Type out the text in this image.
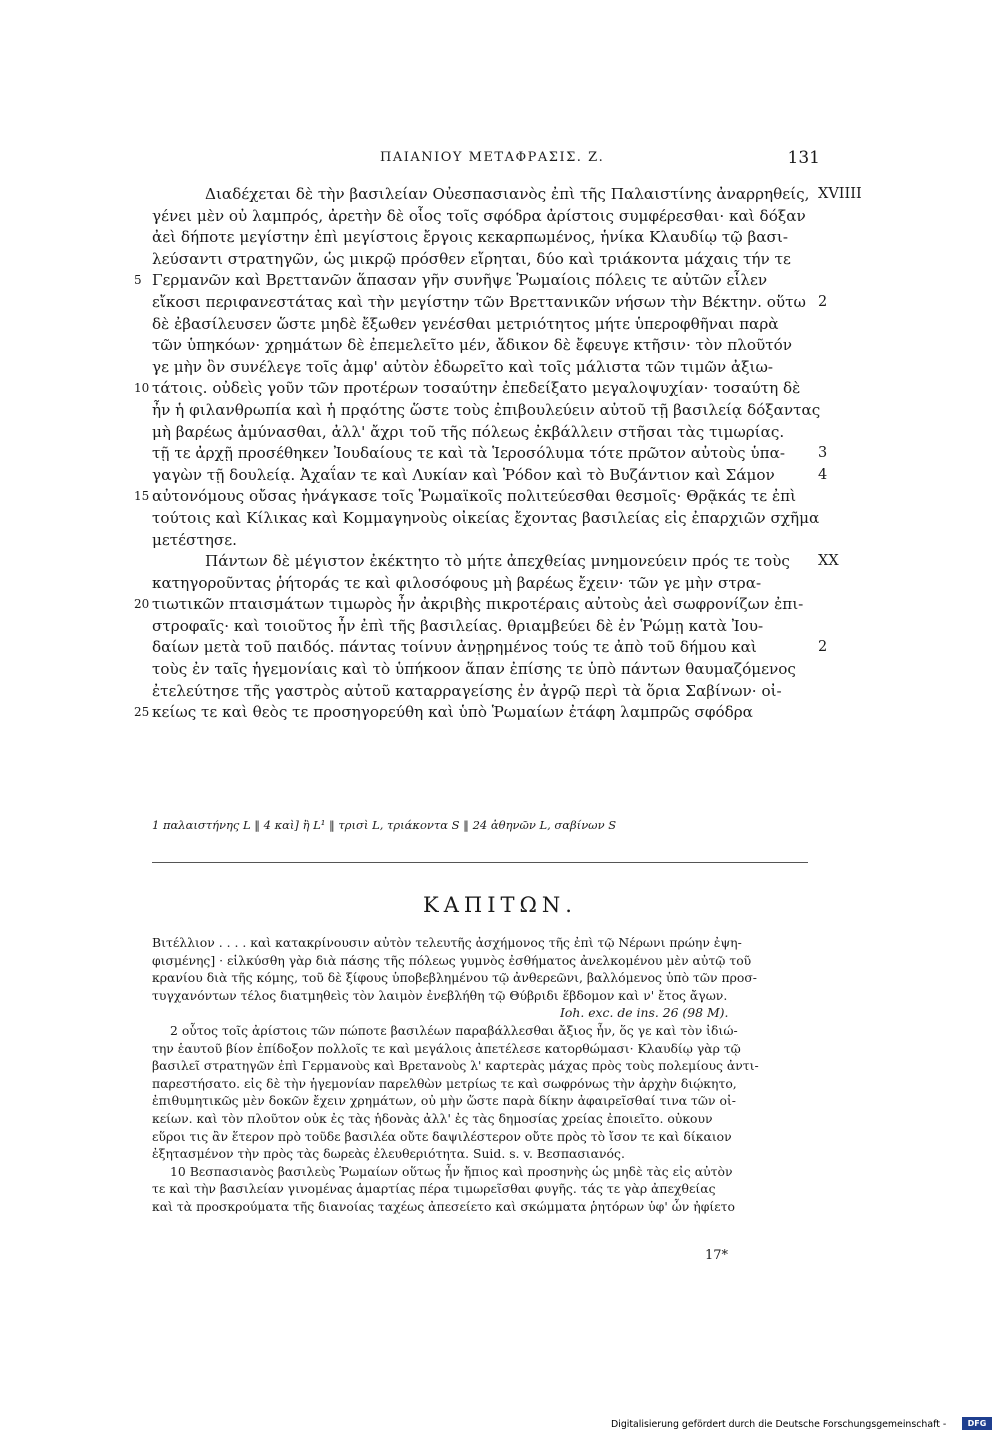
ΠΑΙΑΝΙΟΥ ΜΕΤΑΦΡΑΣΙΣ. Ζ.	131
Διαδέχεται δὲ τὴν βασιλείαν Οὐεσπασιανὸς ἐπὶ τῆς Παλαιστίνης ἀναρρηθείς, XVIIII
γένει μὲν οὐ λαμπρός, ἀρετὴν δὲ οἷος τοῖς σφόδρα ἀρίστοις συμφέρεσθαι· καὶ δόξαν
ἀεὶ δήποτε μεγίστην ἐπὶ μεγίστοις ἔργοις κεκαρπωμένος, ἡνίκα Κλαυδίῳ τῷ βασι-
λεύσαντι στρατηγῶν, ὡς μικρῷ πρόσθεν εἴρηται, δύο καὶ τριάκοντα μάχαις τήν τε
5 Γερμανῶν καὶ Βρεττανῶν ἅπασαν γῆν συνῆψε Ῥωμαίοις πόλεις τε αὐτῶν εἷλεν
εἴκοσι περιφανεστάτας καὶ τὴν μεγίστην τῶν Βρεττανικῶν νήσων τὴν Βέκτην. οὕτω 2
δὲ ἐβασίλευσεν ὥστε μηδὲ ἔξωθεν γενέσθαι μετριότητος μήτε ὑπεροφθῆναι παρὰ
τῶν ὑπηκόων· χρημάτων δὲ ἐπεμελεῖτο μέν, ἄδικον δὲ ἔφευγε κτῆσιν· τὸν πλοῦτόν
γε μὴν ὃν συνέλεγε τοῖς ἀμφ' αὐτὸν ἐδωρεῖτο καὶ τοῖς μάλιστα τῶν τιμῶν ἀξιω-
10 τάτοις. οὐδεὶς γοῦν τῶν προτέρων τοσαύτην ἐπεδείξατο μεγαλοψυχίαν· τοσαύτη δὲ
ἦν ἡ φιλανθρωπία καὶ ἡ πρᾳότης ὥστε τοὺς ἐπιβουλεύειν αὐτοῦ τῇ βασιλείᾳ δόξαντας
μὴ βαρέως ἀμύνασθαι, ἀλλ' ἄχρι τοῦ τῆς πόλεως ἐκβάλλειν στῆσαι τὰς τιμωρίας.
τῇ τε ἀρχῇ προσέθηκεν Ἰουδαίους τε καὶ τὰ Ἱεροσόλυμα τότε πρῶτον αὐτοὺς ὑπα-	3
γαγὼν τῇ δουλείᾳ. Ἀχαΐαν τε καὶ Λυκίαν καὶ Ῥόδον καὶ τὸ Βυζάντιον καὶ Σάμον	4
15 αὐτονόμους οὔσας ἠνάγκασε τοῖς Ῥωμαϊκοῖς πολιτεύεσθαι θεσμοῖς· Θρᾷκάς τε ἐπὶ
τούτοις καὶ Κίλικας καὶ Κομμαγηνοὺς οἰκείας ἔχοντας βασιλείας εἰς ἐπαρχιῶν σχῆμα
μετέστησε.
Πάντων δὲ μέγιστον ἐκέκτητο τὸ μήτε ἀπεχθείας μνημονεύειν πρός τε τοὺς	XX
κατηγοροῦντας ῥήτοράς τε καὶ φιλοσόφους μὴ βαρέως ἔχειν· τῶν γε μὴν στρα-
20 τιωτικῶν πταισμάτων τιμωρὸς ἦν ἀκριβὴς πικροτέραις αὐτοὺς ἀεὶ σωφρονίζων ἐπι-
στροφαῖς· καὶ τοιοῦτος ἦν ἐπὶ τῆς βασιλείας. θριαμβεύει δὲ ἐν Ῥώμῃ κατὰ Ἰου-
δαίων μετὰ τοῦ παιδός. πάντας τοίνυν ἀνῃρημένος τούς τε ἀπὸ τοῦ δήμου καὶ	2
τοὺς ἐν ταῖς ἡγεμονίαις καὶ τὸ ὑπήκοον ἅπαν ἐπίσης τε ὑπὸ πάντων θαυμαζόμενος
ἐτελεύτησε τῆς γαστρὸς αὐτοῦ καταρραγείσης ἐν ἀγρῷ περὶ τὰ ὅρια Σαβίνων· οἰ-
25 κείως τε καὶ θεὸς τε προσηγορεύθη καὶ ὑπὸ Ῥωμαίων ἐτάφη λαμπρῶς σφόδρα
1 παλαιστήνης L ‖ 4 καὶ] ἢ L¹ ‖ τρισὶ L, τριάκοντα S ‖ 24 ἀθηνῶν L, σαβίνων S
ΚΑΠΙΤΩΝ.
Βιτέλλιον . . . . καὶ κατακρίνουσιν αὐτὸν τελευτῆς ἀσχήμονος τῆς ἐπὶ τῷ Νέρωνι πρώην ἐψη-
φισμένης] · εἱλκύσθη γὰρ διὰ πάσης τῆς πόλεως γυμνὸς ἐσθήματος ἀνελκομένου μὲν αὐτῷ τοῦ
κρανίου διὰ τῆς κόμης, τοῦ δὲ ξίφους ὑποβεβλημένου τῷ ἀνθερεῶνι, βαλλόμενος ὑπὸ τῶν προσ-
τυγχανόντων τέλος διατμηθεὶς τὸν λαιμὸν ἐνεβλήθη τῷ Θύβριδι ἕβδομον καὶ ν' ἔτος ἄγων.
Ioh. exc. de ins. 26 (98 M).
2 οὗτος τοῖς ἀρίστοις τῶν πώποτε βασιλέων παραβάλλεσθαι ἄξιος ἦν, ὅς γε καὶ τὸν ἰδιώ-
την ἑαυτοῦ βίον ἐπίδοξον πολλοῖς τε καὶ μεγάλοις ἀπετέλεσε κατορθώμασι· Κλαυδίῳ γὰρ τῷ
βασιλεῖ στρατηγῶν ἐπὶ Γερμανοὺς καὶ Βρετανοὺς λ' καρτερὰς μάχας πρὸς τοὺς πολεμίους ἀντι-
παρεστήσατο. εἰς δὲ τὴν ἡγεμονίαν παρελθὼν μετρίως τε καὶ σωφρόνως τὴν ἀρχὴν διῴκητο,
ἐπιθυμητικῶς μὲν δοκῶν ἔχειν χρημάτων, οὐ μὴν ὥστε παρὰ δίκην ἀφαιρεῖσθαί τινα τῶν οἰ-
κείων. καὶ τὸν πλοῦτον οὐκ ἐς τὰς ἡδονὰς ἀλλ' ἐς τὰς δημοσίας χρείας ἐποιεῖτο. οὐκουν
εὕροι τις ἂν ἕτερον πρὸ τοῦδε βασιλέα οὔτε δαψιλέστερον οὔτε πρὸς τὸ ἴσον τε καὶ δίκαιον
ἐξητασμένον τὴν πρὸς τὰς δωρεὰς ἐλευθεριότητα. Suid. s. v. Βεσπασιανός.
10 Βεσπασιανὸς βασιλεὺς Ῥωμαίων οὕτως ἦν ἤπιος καὶ προσηνὴς ὡς μηδὲ τὰς εἰς αὐτὸν
τε καὶ τὴν βασιλείαν γινομένας ἁμαρτίας πέρα τιμωρεῖσθαι φυγῆς. τάς τε γὰρ ἀπεχθείας
καὶ τὰ προσκρούματα τῆς διανοίας ταχέως ἀπεσείετο καὶ σκώμματα ῥητόρων ὑφ' ὧν ἠφίετο
17*
Digitalisierung gefördert durch die Deutsche Forschungsgemeinschaft -	DFG
